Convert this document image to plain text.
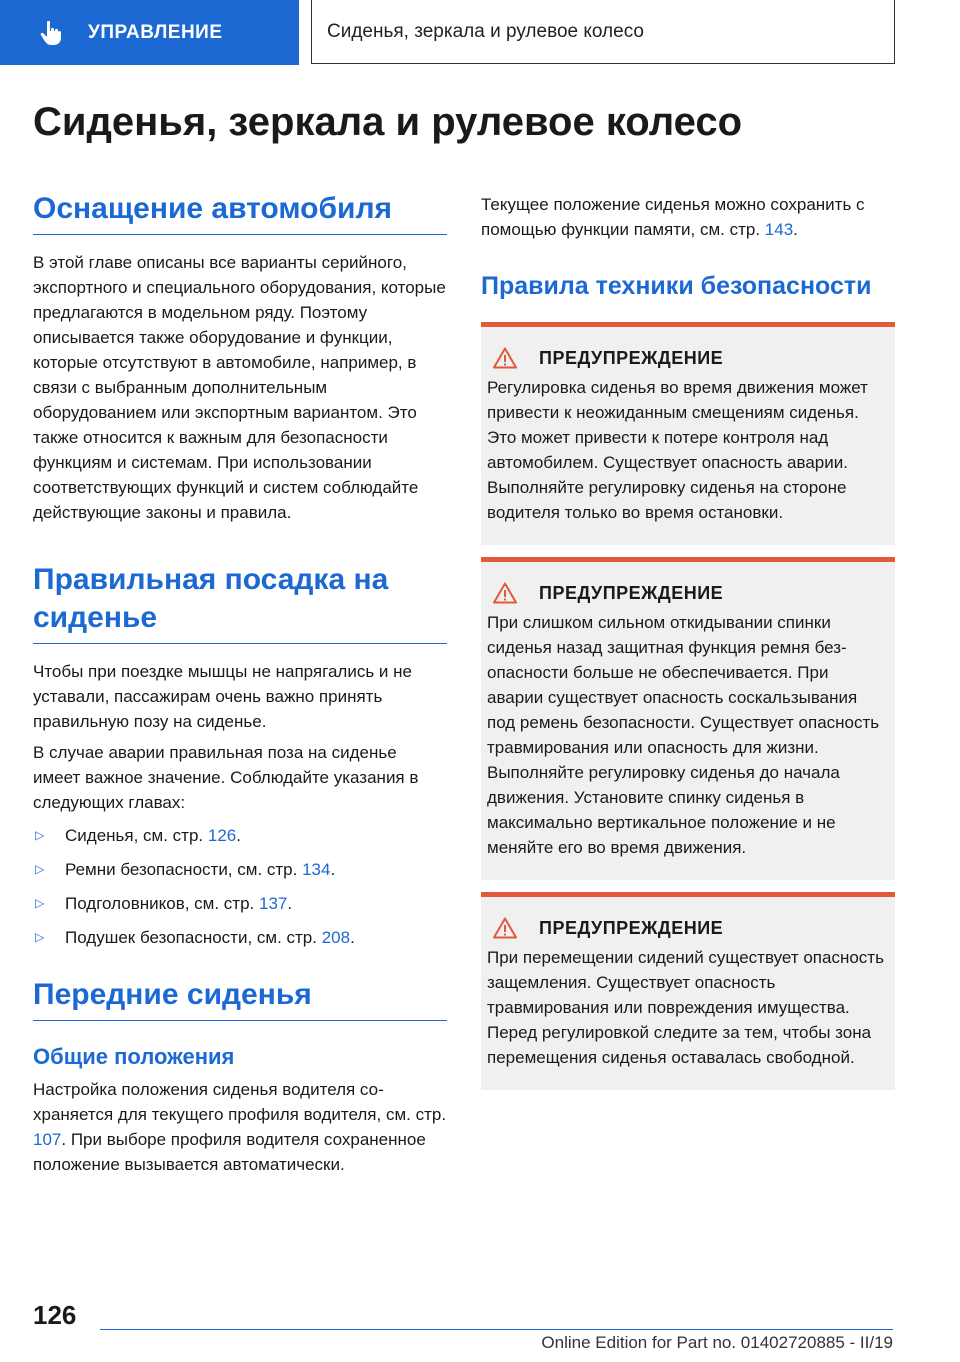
УПРАВЛЕНИЕ	Сиденья, зеркала и рулевое колесо
Сиденья, зеркала и рулевое колесо
Оснащение автомобиля

В этой главе описаны все варианты серийного, экспортного и специального оборудования, которые предлагаются в модельном ряду. Поэтому описывается также оборудование и функции, которые отсутствуют в автомобиле, например, в связи с выбранным дополнительным оборудованием или экспортным вариантом. Это также относится к важным для безопасности функциям и системам. При использовании соответствующих функций и систем соблюдайте действующие законы и правила.

Правильная посадка на сиденье

Чтобы при поездке мышцы не напрягались и не уставали, пассажирам очень важно принять правильную позу на сиденье.

В случае аварии правильная поза на сиденье имеет важное значение. Соблюдайте указания в следующих главах:

▷	Сиденья, см. стр. 126.
▷	Ремни безопасности, см. стр. 134.
▷	Подголовников, см. стр. 137.
▷	Подушек безопасности, см. стр. 208.
Передние сиденья
Общие положения

Настройка положения сиденья водителя сохраняется для текущего профиля водителя, см. стр. 107. При выборе профиля водителя сохраненное положение вызывается автоматически.

Текущее положение сиденья можно сохранить с помощью функции памяти, см. стр. 143.

Правила техники безопасности
ПРЕДУПРЕЖДЕНИЕ

Регулировка сиденья во время движения может привести к неожиданным смещениям сиденья. Это может привести к потере контроля над автомобилем. Существует опасность аварии. Выполняйте регулировку сиденья на стороне водителя только во время остановки.

ПРЕДУПРЕЖДЕНИЕ

При слишком сильном откидывании спинки сиденья назад защитная функция ремня безопасности больше не обеспечивается. При аварии существует опасность соскальзывания под ремень безопасности. Существует опасность травмирования или опасность для жизни. Выполняйте регулировку сиденья до начала движения. Установите спинку сиденья в максимально вертикальное положение и не меняйте его во время движения.

ПРЕДУПРЕЖДЕНИЕ

При перемещении сидений существует опасность защемления. Существует опасность травмирования или повреждения имущества. Перед регулировкой следите за тем, чтобы зона перемещения сиденья оставалась свободной.

126
Online Edition for Part no. 01402720885 - II/19
